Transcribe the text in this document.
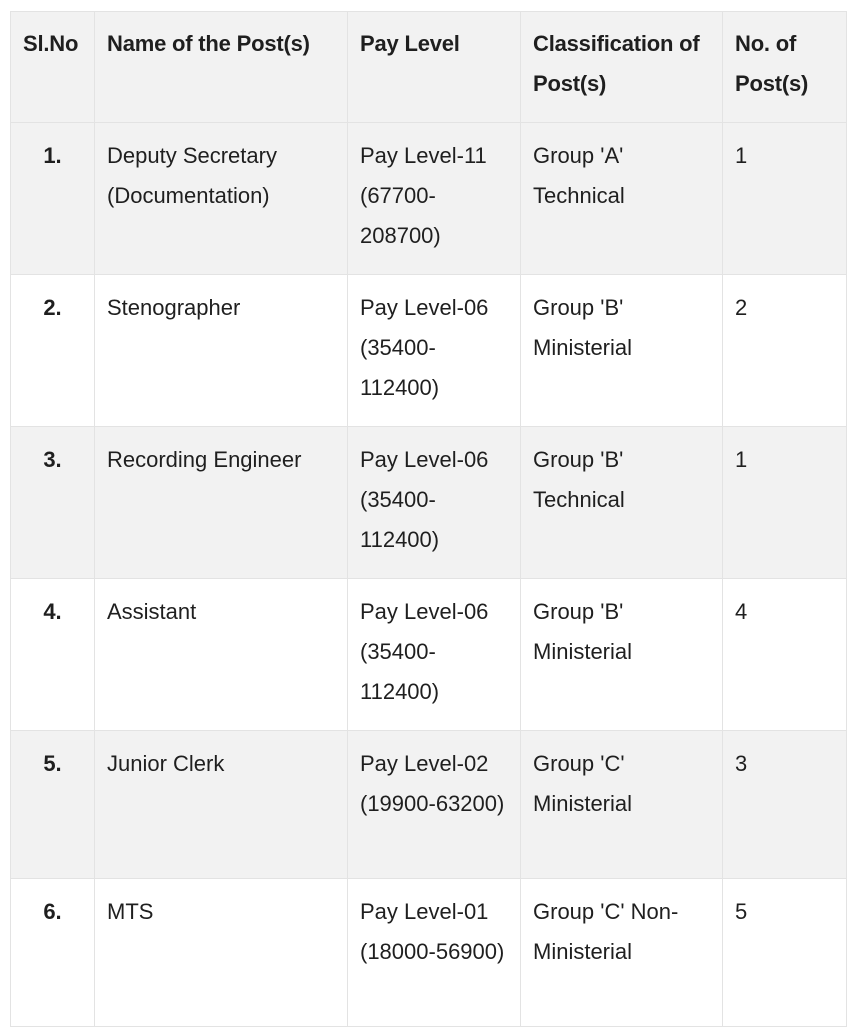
Sl.No	Name of the Post(s)	Pay Level	Classification of Post(s)	No. of Post(s)
1.	Deputy Secretary (Documentation)	Pay Level-11 (67700-208700)	Group 'A' Technical	1
2.	Stenographer	Pay Level-06 (35400-112400)	Group 'B' Ministerial	2
3.	Recording Engineer	Pay Level-06 (35400-112400)	Group 'B' Technical	1
4.	Assistant	Pay Level-06 (35400-112400)	Group 'B' Ministerial	4
5.	Junior Clerk	Pay Level-02 (19900-63200)	Group 'C' Ministerial	3
6.	MTS	Pay Level-01 (18000-56900)	Group 'C' Non-Ministerial	5
